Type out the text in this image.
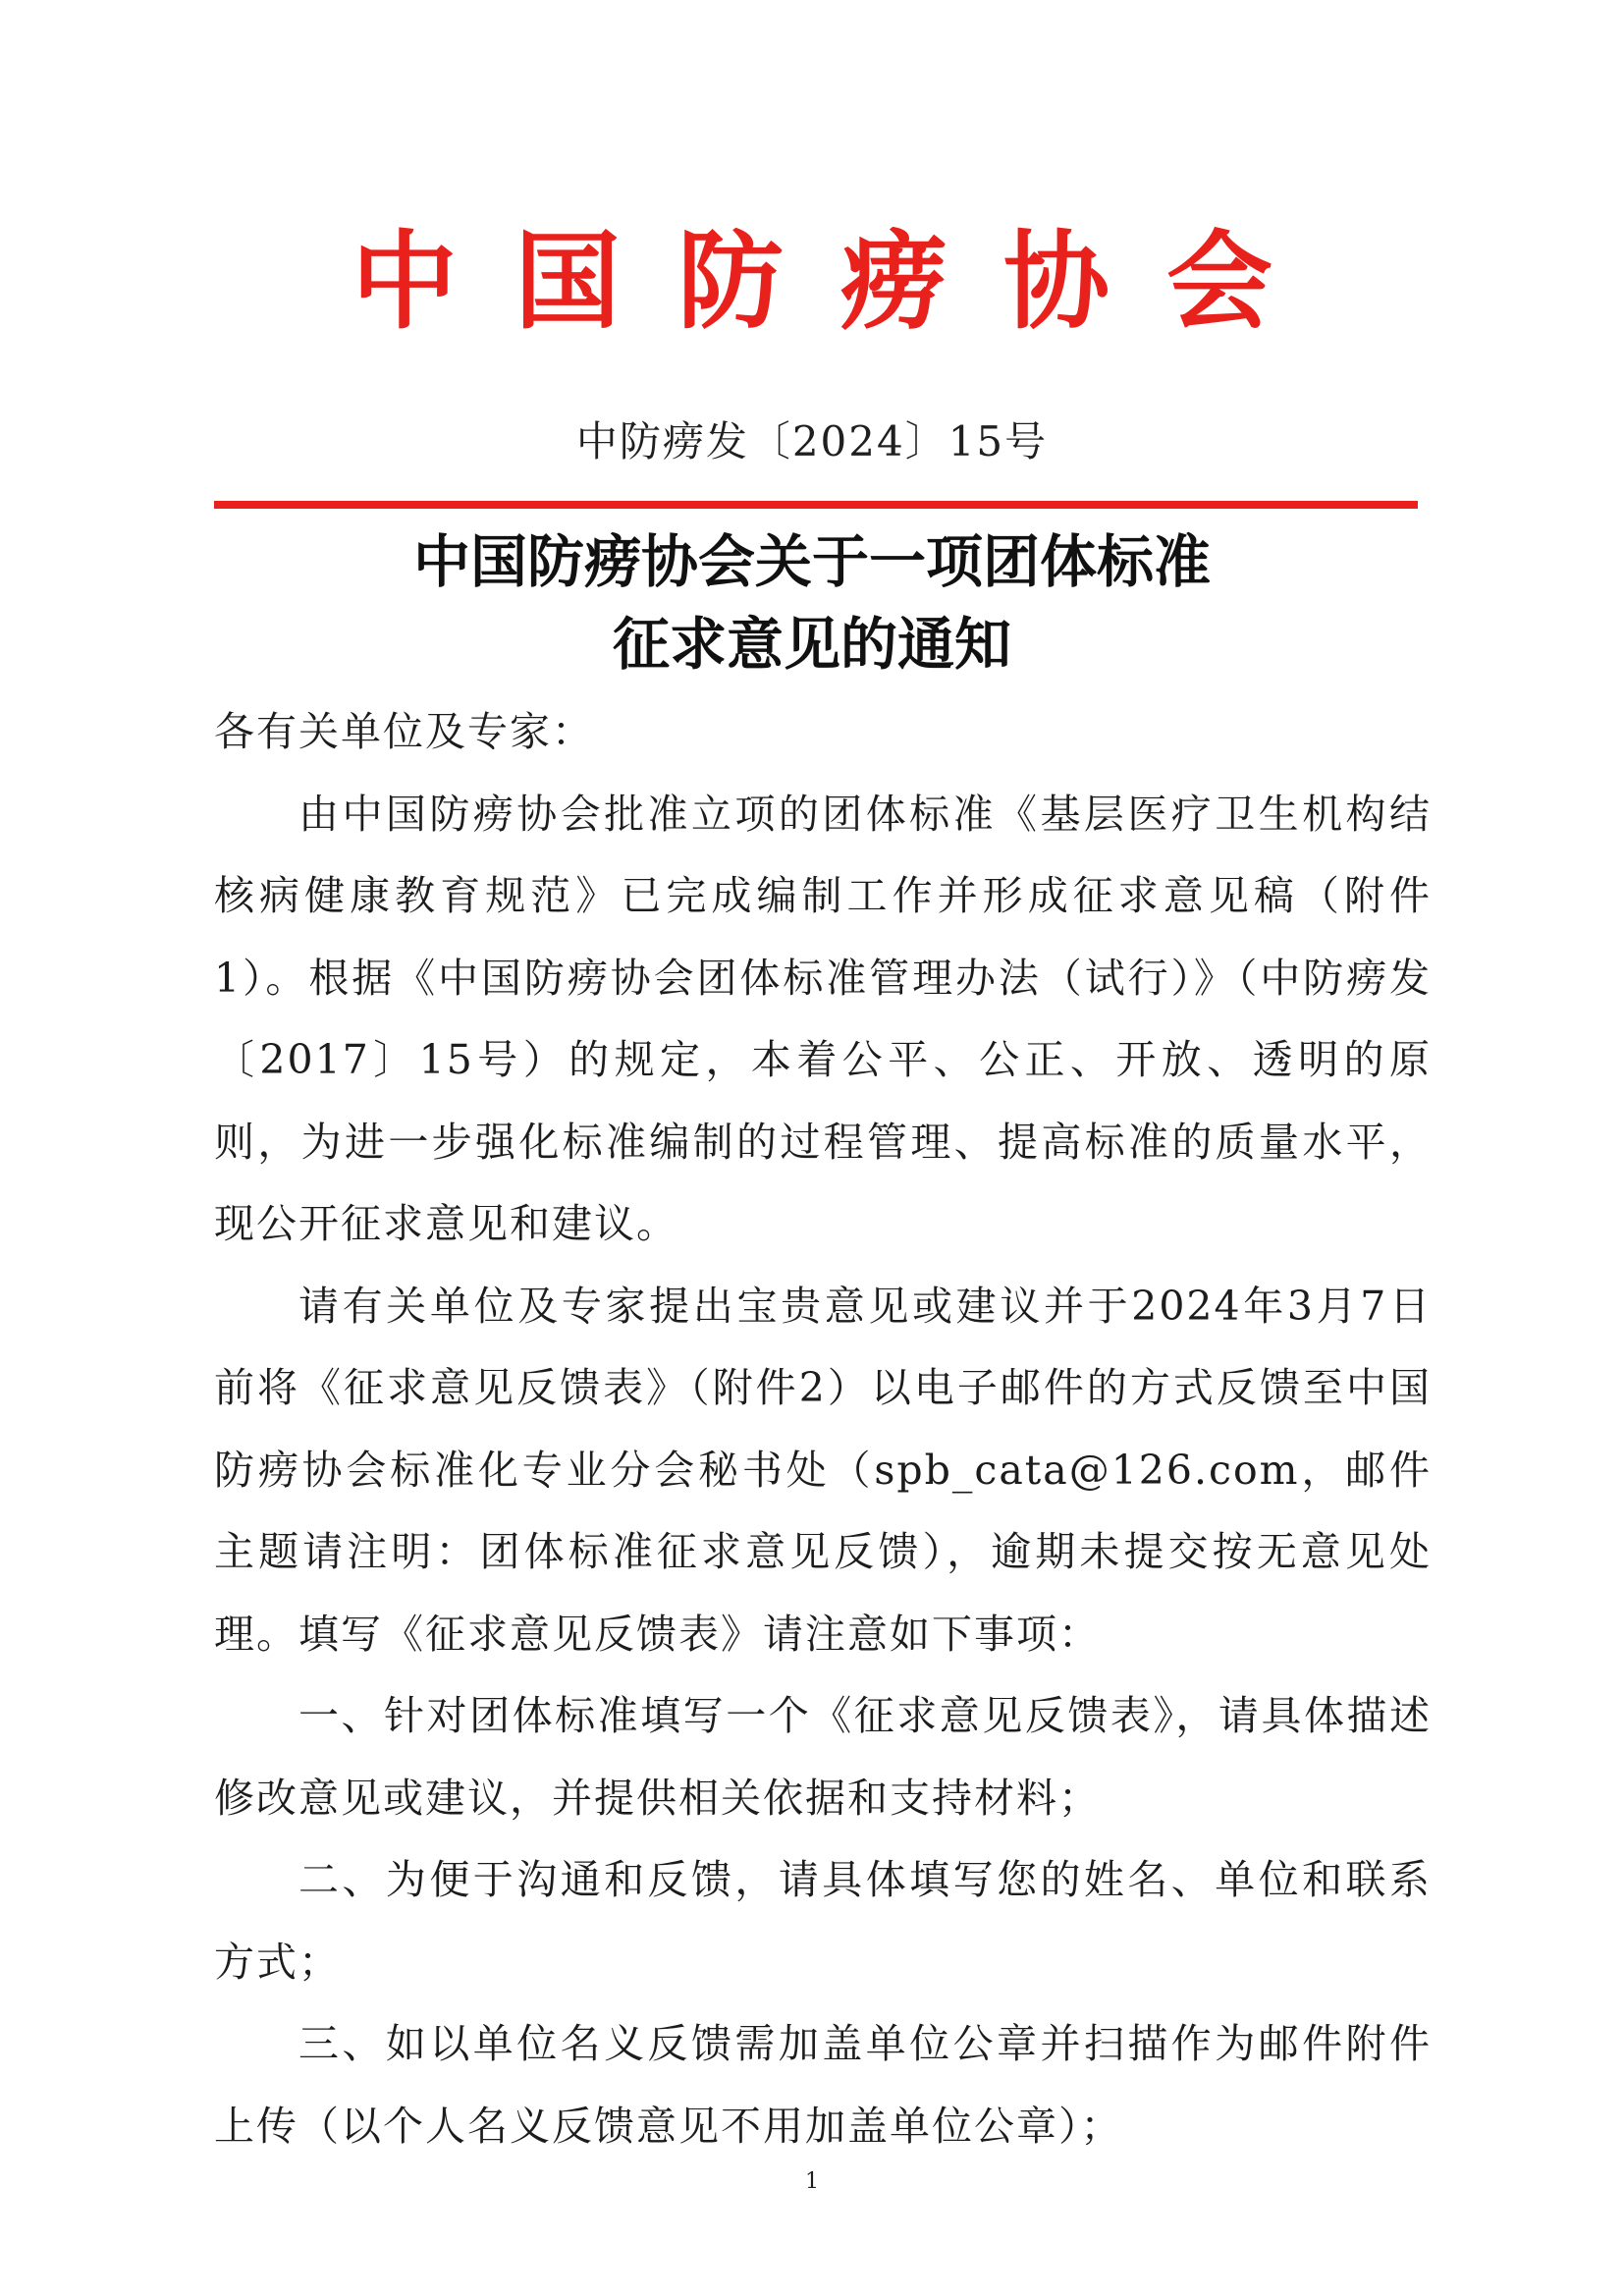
中国防痨协会
中防痨发〔2024〕15号
中国防痨协会关于一项团体标准
征求意见的通知

各有关单位及专家：

由中国防痨协会批准立项的团体标准《基层医疗卫生机构结核病健康教育规范》已完成编制工作并形成征求意见稿（附件1）。根据《中国防痨协会团体标准管理办法（试行）》（中防痨发〔2017〕15号）的规定，本着公平、公正、开放、透明的原则，为进一步强化标准编制的过程管理、提高标准的质量水平，现公开征求意见和建议。

请有关单位及专家提出宝贵意见或建议并于2024年3月7日前将《征求意见反馈表》（附件2）以电子邮件的方式反馈至中国防痨协会标准化专业分会秘书处（spb_cata@126.com，邮件主题请注明：团体标准征求意见反馈），逾期未提交按无意见处理。填写《征求意见反馈表》请注意如下事项：

一、针对团体标准填写一个《征求意见反馈表》，请具体描述修改意见或建议，并提供相关依据和支持材料；

二、为便于沟通和反馈，请具体填写您的姓名、单位和联系方式；

三、如以单位名义反馈需加盖单位公章并扫描作为邮件附件上传（以个人名义反馈意见不用加盖单位公章）；

1
